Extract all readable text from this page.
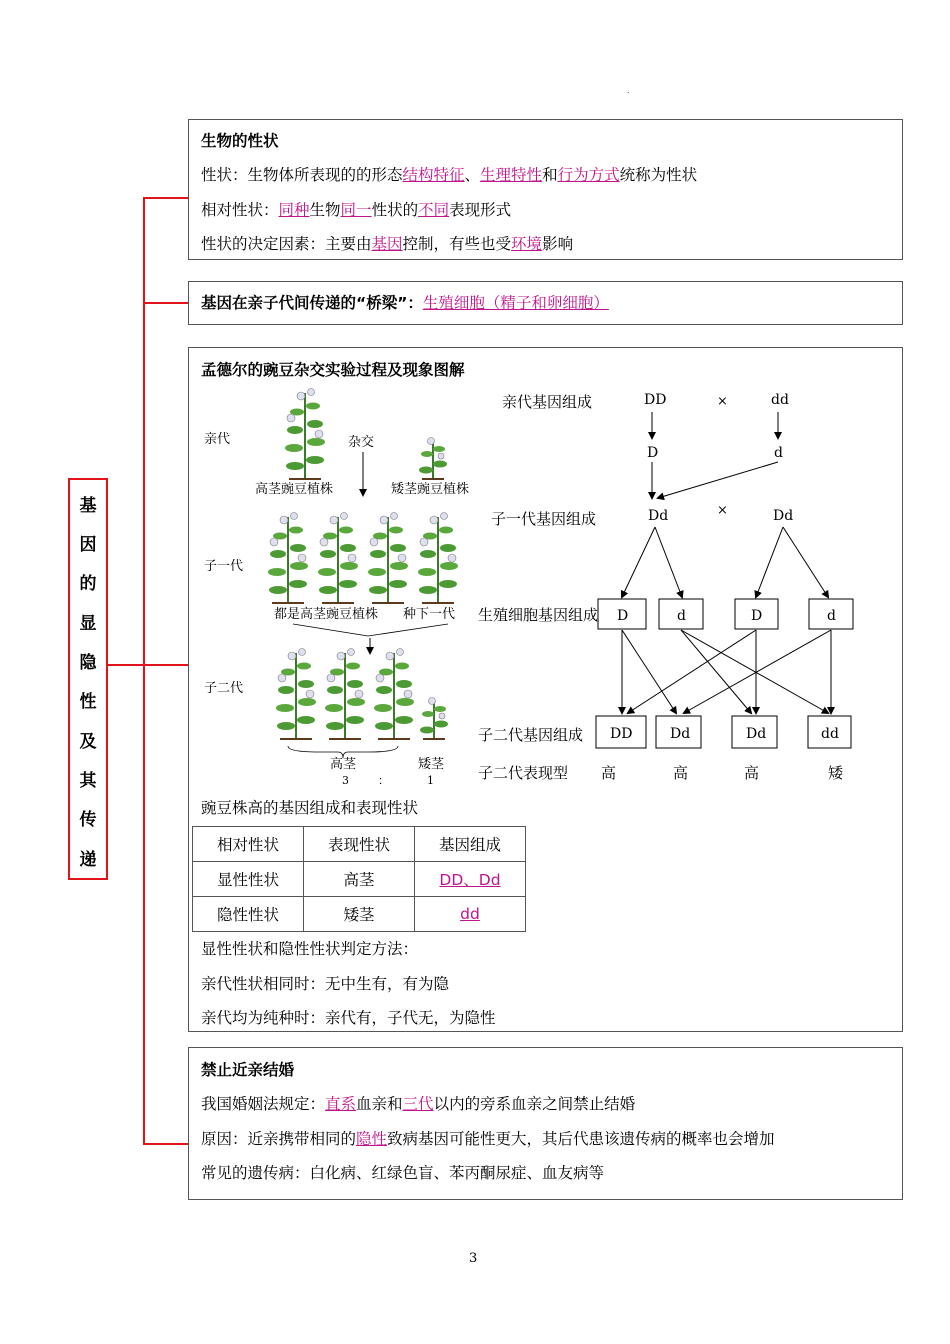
.
基
因
的
显
隐
性
及
其
传
递
生物的性状
性状：生物体所表现的的形态结构特征、生理特性和行为方式统称为性状
相对性状：同种生物同一性状的不同表现形式
性状的决定因素：主要由基因控制，有些也受环境影响
基因在亲子代间传递的“桥梁”：生殖细胞（精子和卵细胞）
孟德尔的豌豆杂交实验过程及现象图解
亲代	杂交
高茎豌豆植株	矮茎豌豆植株
子一代
都是高茎豌豆植株 种下一代
子二代
高茎	矮茎
3	：	1
亲代基因组成	DD	×	dd
D	d
子一代基因组成	Dd	×	Dd
生殖细胞基因组成 D	d	D	d
子二代基因组成 DD	Dd	Dd	dd
子二代表现型 高	高	高	矮
豌豆株高的基因组成和表现性状
相对性状	表现性状	基因组成
显性性状	高茎	DD、Dd
隐性性状	矮茎	dd
显性性状和隐性性状判定方法：
亲代性状相同时：无中生有，有为隐
亲代均为纯种时：亲代有，子代无，为隐性
禁止近亲结婚
我国婚姻法规定：直系血亲和三代以内的旁系血亲之间禁止结婚
原因：近亲携带相同的隐性致病基因可能性更大，其后代患该遗传病的概率也会增加
常见的遗传病：白化病、红绿色盲、苯丙酮尿症、血友病等
3
